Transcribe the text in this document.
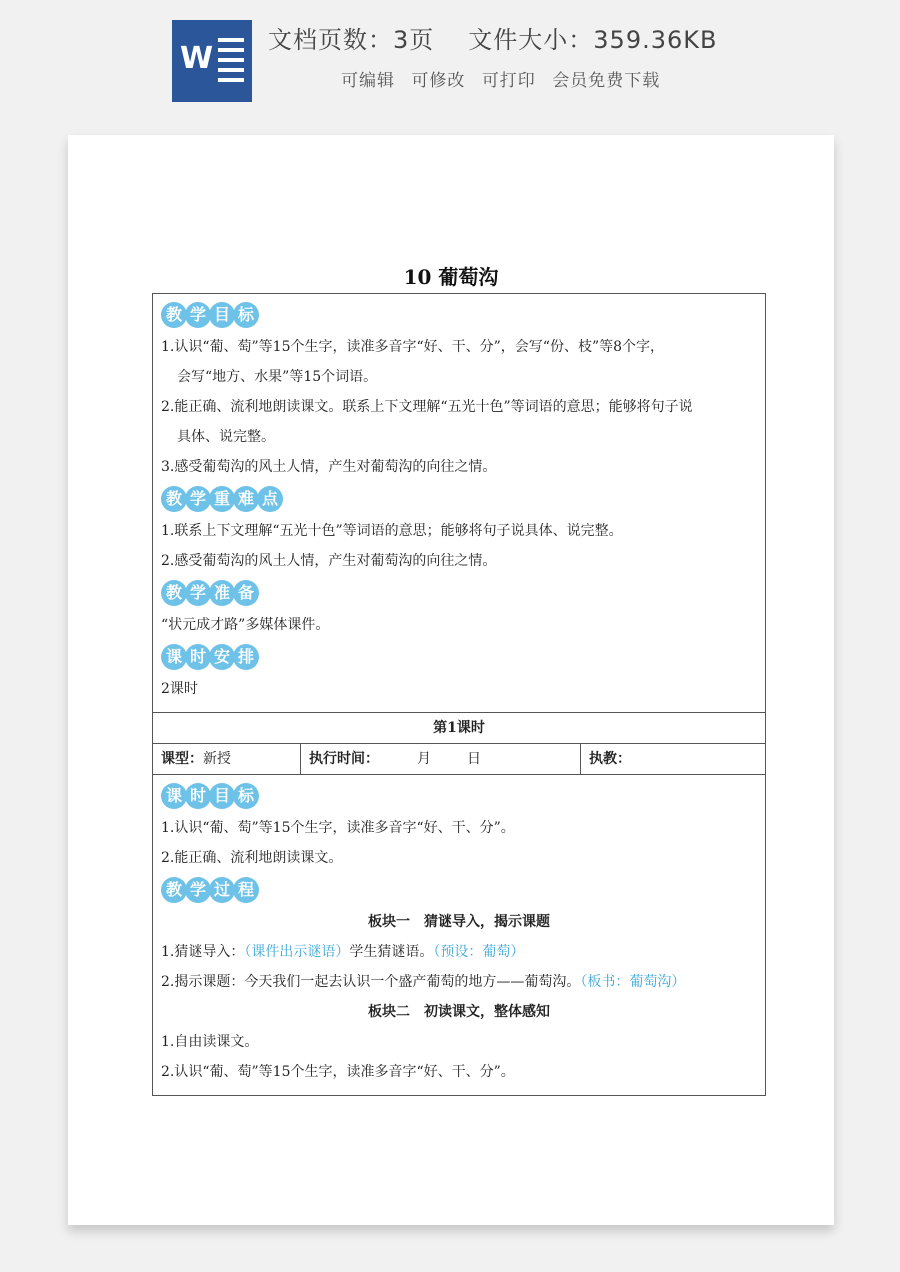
W
文档页数：3页 文件大小：359.36KB
可编辑 可修改 可打印 会员免费下载
10 葡萄沟
教 学 目 标
1.认识“葡、萄”等15个生字，读准多音字“好、干、分”，会写“份、枝”等8个字，
会写“地方、水果”等15个词语。
2.能正确、流利地朗读课文。联系上下文理解“五光十色”等词语的意思；能够将句子说
具体、说完整。
3.感受葡萄沟的风土人情，产生对葡萄沟的向往之情。
教 学 重 难 点
1.联系上下文理解“五光十色”等词语的意思；能够将句子说具体、说完整。
2.感受葡萄沟的风土人情，产生对葡萄沟的向往之情。
教 学 准 备
“状元成才路”多媒体课件。
课 时 安 排
2课时
第1课时
课型：新授	执行时间：	月	日	执教：
课 时 目 标
1.认识“葡、萄”等15个生字，读准多音字“好、干、分”。
2.能正确、流利地朗读课文。
教 学 过 程
板块一　猜谜导入，揭示课题
1.猜谜导入：（课件出示谜语）学生猜谜语。（预设：葡萄）
2.揭示课题：今天我们一起去认识一个盛产葡萄的地方——葡萄沟。（板书：葡萄沟）
板块二　初读课文，整体感知
1.自由读课文。
2.认识“葡、萄”等15个生字，读准多音字“好、干、分”。
